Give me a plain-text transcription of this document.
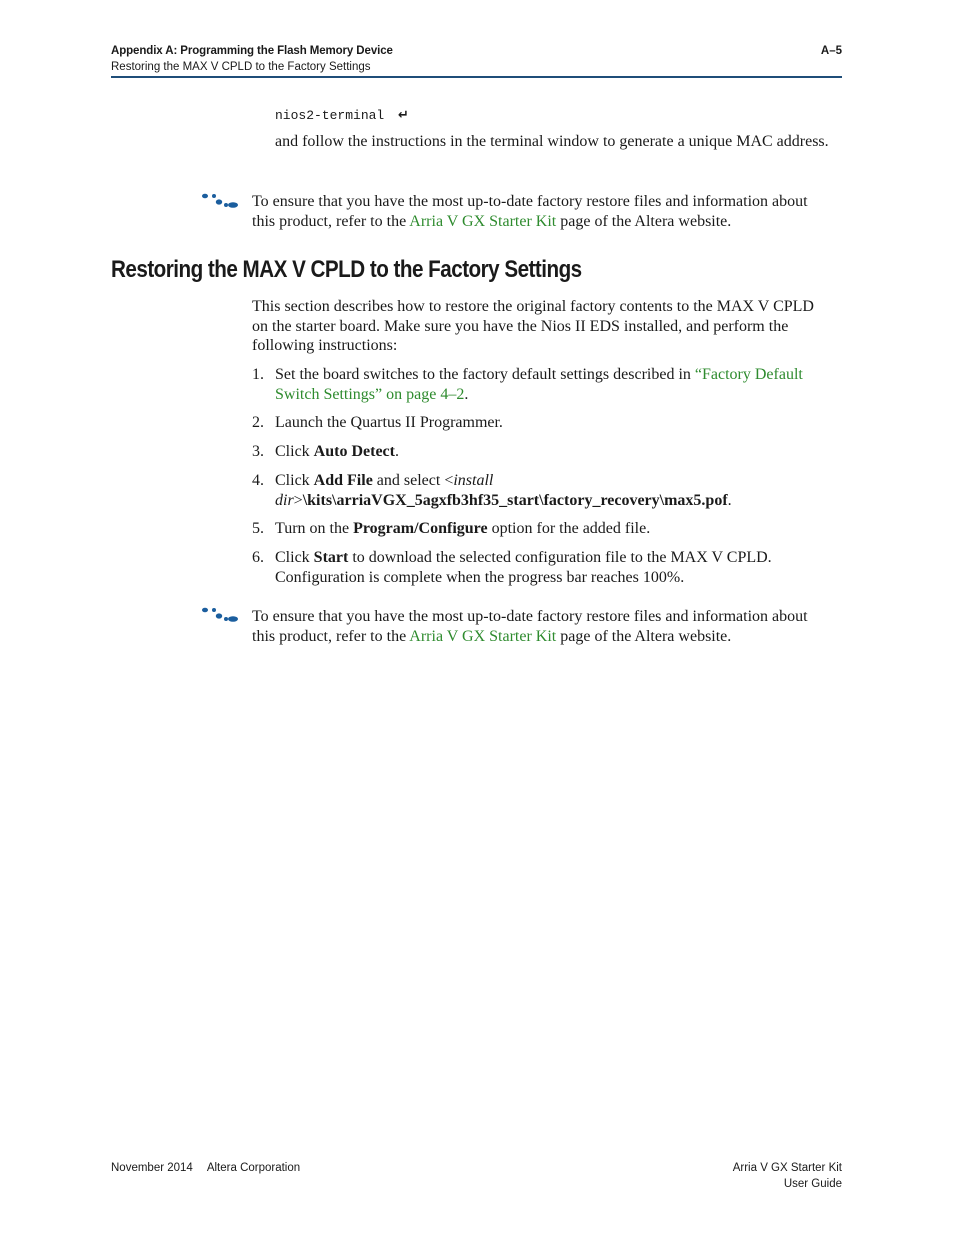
Appendix A: Programming the Flash Memory Device
Restoring the MAX V CPLD to the Factory Settings
A–5
nios2-terminal ↵

and follow the instructions in the terminal window to generate a unique MAC address.

To ensure that you have the most up-to-date factory restore files and information about this product, refer to the Arria V GX Starter Kit page of the Altera website.

Restoring the MAX V CPLD to the Factory Settings

This section describes how to restore the original factory contents to the MAX V CPLD on the starter board. Make sure you have the Nios II EDS installed, and perform the following instructions:

1. Set the board switches to the factory default settings described in “Factory Default Switch Settings” on page 4–2.
2. Launch the Quartus II Programmer.
3. Click Auto Detect.
4. Click Add File and select <install dir>\kits\arriaVGX_5agxfb3hf35_start\factory_recovery\max5.pof.
5. Turn on the Program/Configure option for the added file.
6. Click Start to download the selected configuration file to the MAX V CPLD. Configuration is complete when the progress bar reaches 100%.

To ensure that you have the most up-to-date factory restore files and information about this product, refer to the Arria V GX Starter Kit page of the Altera website.

November 2014 Altera Corporation	Arria V GX Starter Kit
User Guide
